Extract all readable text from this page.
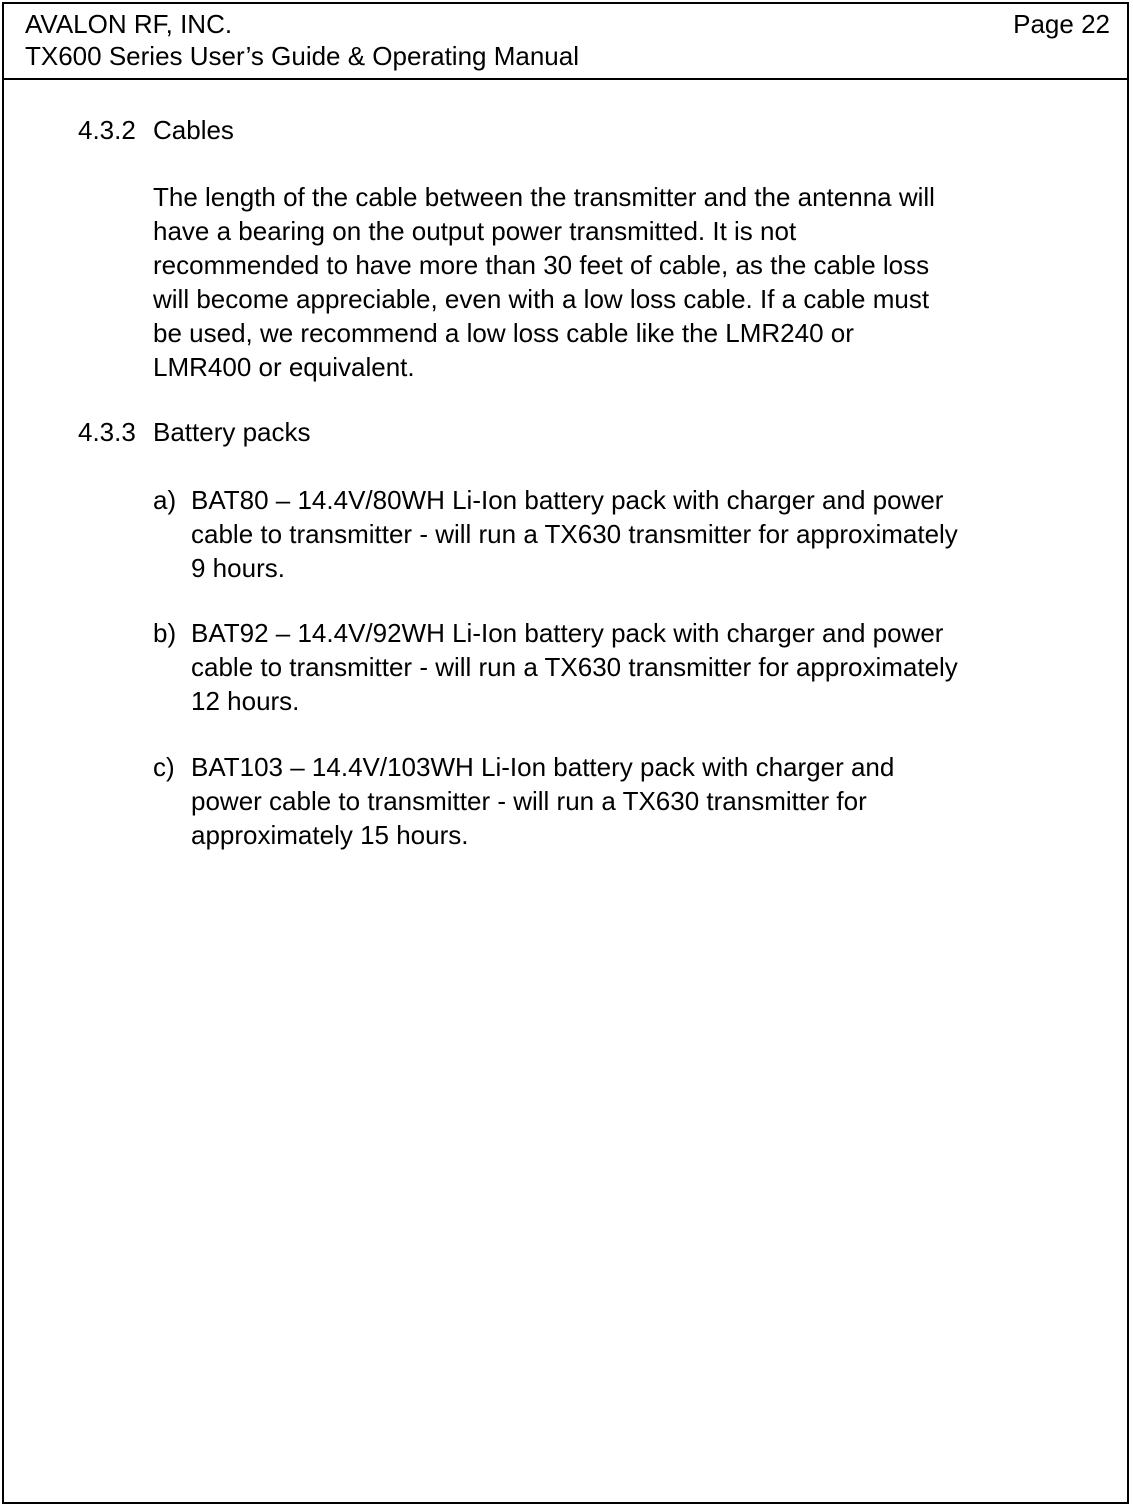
AVALON RF, INC.	Page 22
TX600 Series User’s Guide & Operating Manual
4.3.2 Cables
The length of the cable between the transmitter and the antenna will
have a bearing on the output power transmitted. It is not
recommended to have more than 30 feet of cable, as the cable loss
will become appreciable, even with a low loss cable. If a cable must
be used, we recommend a low loss cable like the LMR240 or
LMR400 or equivalent.
4.3.3 Battery packs
a) BAT80 – 14.4V/80WH Li-Ion battery pack with charger and power
cable to transmitter - will run a TX630 transmitter for approximately
9 hours.
b) BAT92 – 14.4V/92WH Li-Ion battery pack with charger and power
cable to transmitter - will run a TX630 transmitter for approximately
12 hours.
c) BAT103 – 14.4V/103WH Li-Ion battery pack with charger and
power cable to transmitter - will run a TX630 transmitter for
approximately 15 hours.
